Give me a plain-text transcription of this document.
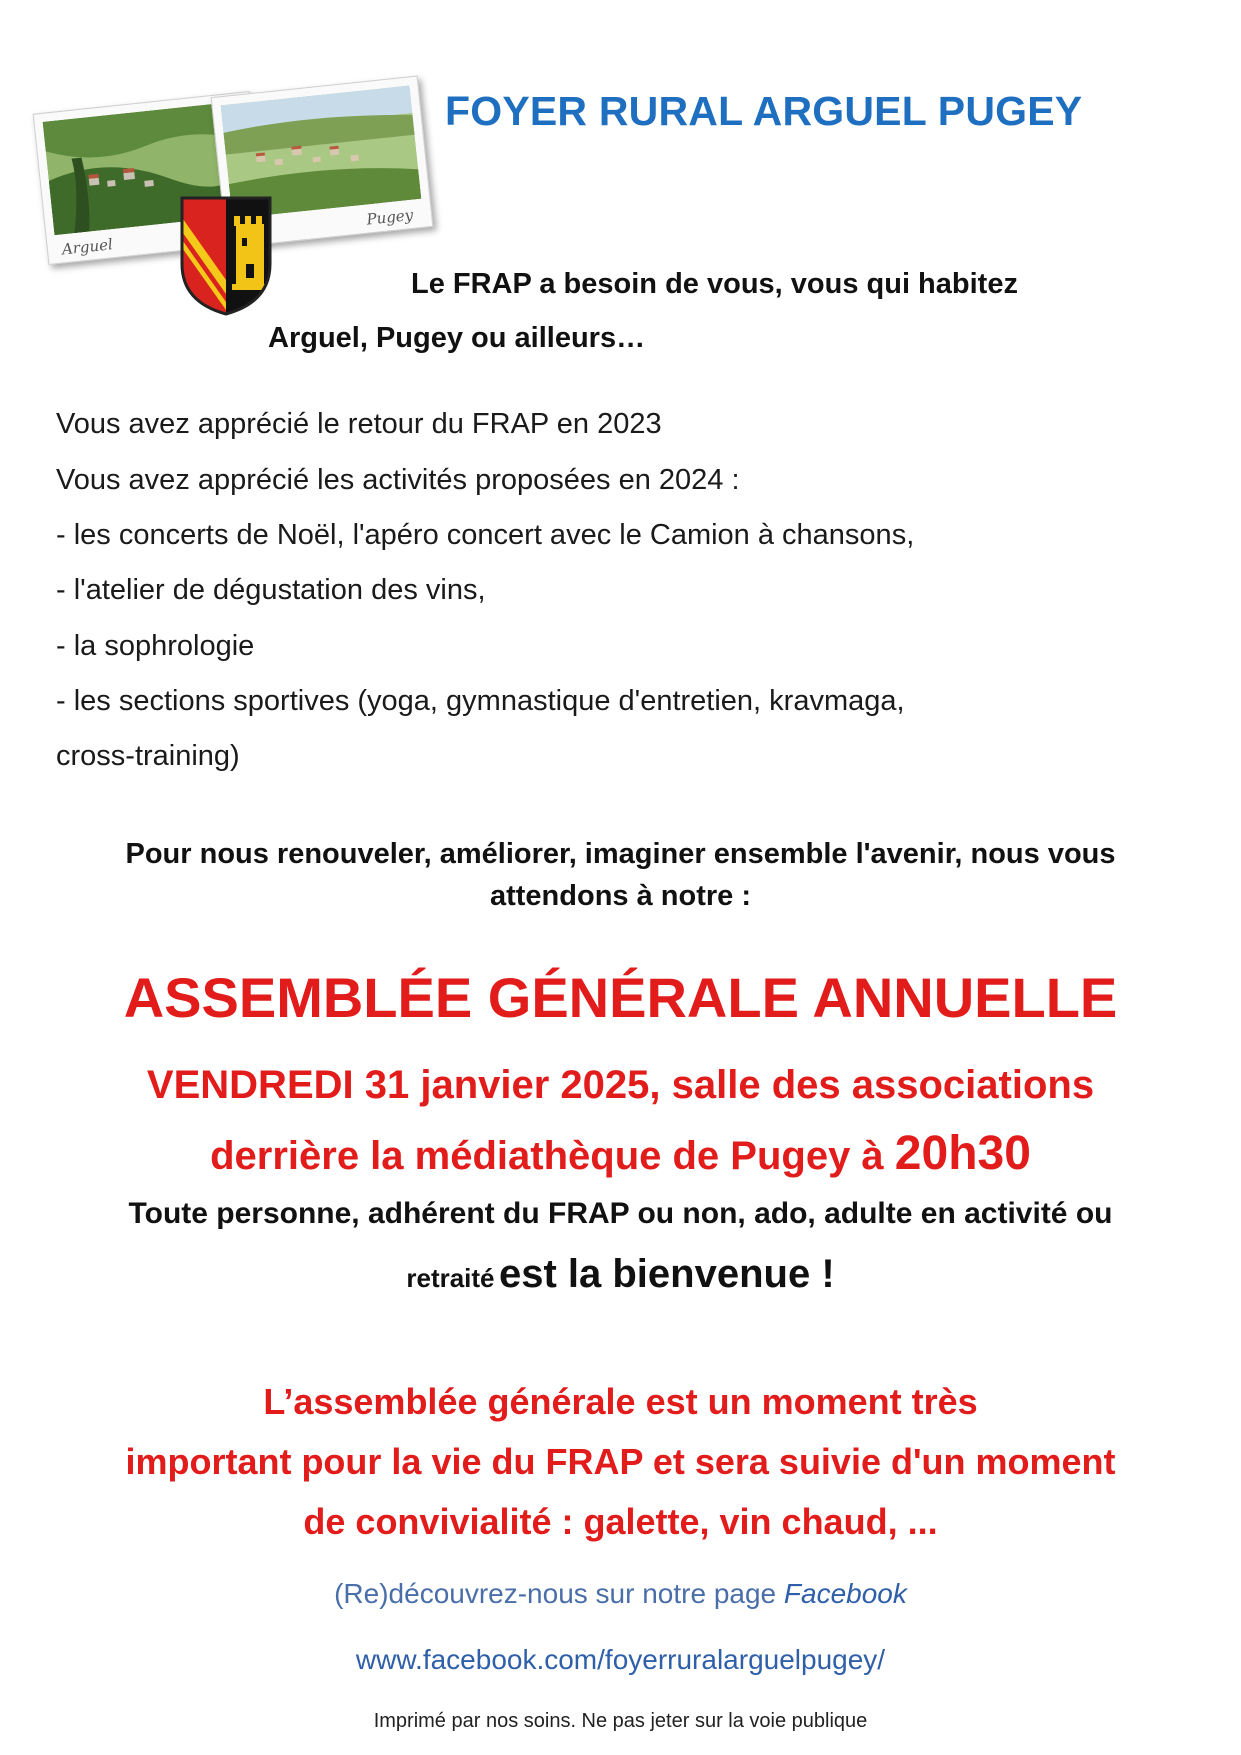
Arguel
Pugey
FOYER RURAL ARGUEL PUGEY
Le FRAP a besoin de vous, vous qui habitez
Arguel, Pugey ou ailleurs…
Vous avez apprécié le retour du FRAP en 2023
Vous avez apprécié les activités proposées en 2024 :
- les concerts de Noël, l'apéro concert avec le Camion à chansons,
- l'atelier de dégustation des vins,
- la sophrologie
- les sections sportives (yoga, gymnastique d'entretien, kravmaga,
cross-training)
Pour nous renouveler, améliorer, imaginer ensemble l'avenir, nous vous
attendons à notre :
ASSEMBLÉE GÉNÉRALE ANNUELLE
VENDREDI 31 janvier 2025, salle des associations
derrière la médiathèque de Pugey à 20h30
Toute personne, adhérent du FRAP ou non, ado, adulte en activité ou
retraité est la bienvenue !
L’assemblée générale est un moment très
important pour la vie du FRAP et sera suivie d'un moment
de convivialité : galette, vin chaud, ...
(Re)découvrez-nous sur notre page Facebook
www.facebook.com/foyerruralarguelpugey/
Imprimé par nos soins. Ne pas jeter sur la voie publique
